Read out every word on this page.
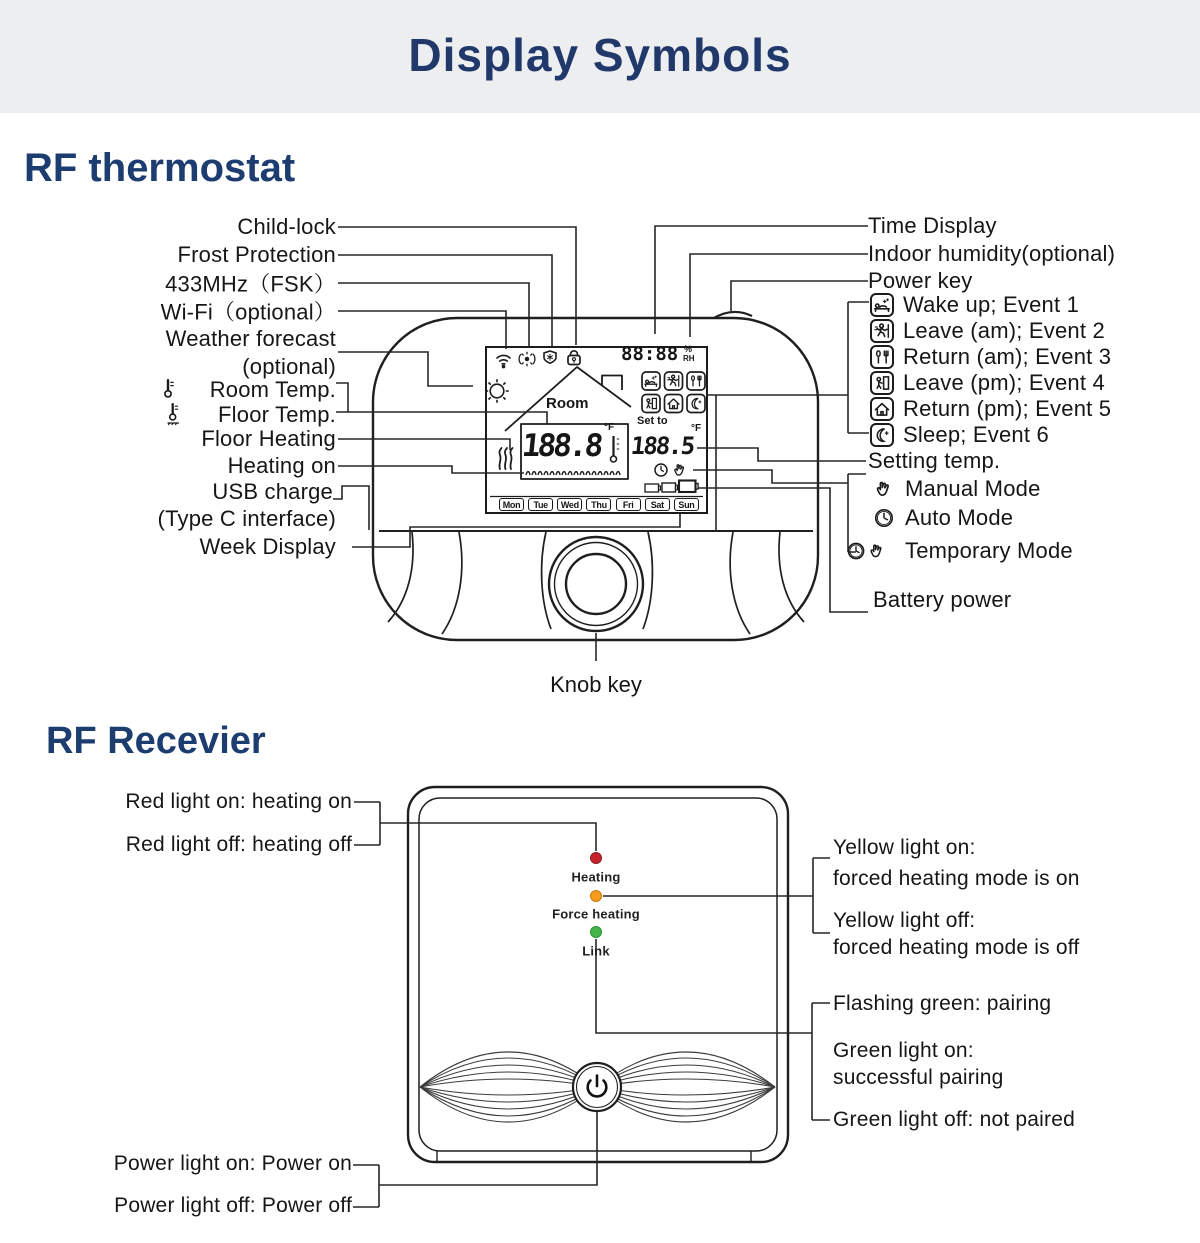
Display Symbols
RF thermostat
RF Recevier
Child-lock
Frost Protection
433MHz（FSK）
Wi-Fi（optional）
Weather forecast
(optional)
Room Temp.
Floor Temp.
Floor Heating
Heating on
USB charge
(Type C interface)
Week Display
Time Display
Indoor humidity(optional)
Power key
Wake up; Event 1
Leave (am); Event 2
Return (am); Event 3
Leave (pm); Event 4
Return (pm); Event 5
Sleep; Event 6
Setting temp.
Manual Mode
Auto Mode
Temporary Mode
Battery power
Knob key
88:88 %
RH
Room
Set to
188.8
°F
188.5
°F
Mon	Tue	Wed	Thu	Fri	Sat	Sun
Red light on: heating on
Red light off: heating off
Power light on: Power on
Power light off: Power off
Heating
Force heating
Link
Yellow light on:
forced heating mode is on
Yellow light off:
forced heating mode is off
Flashing green: pairing
Green light on:
successful pairing
Green light off: not paired
